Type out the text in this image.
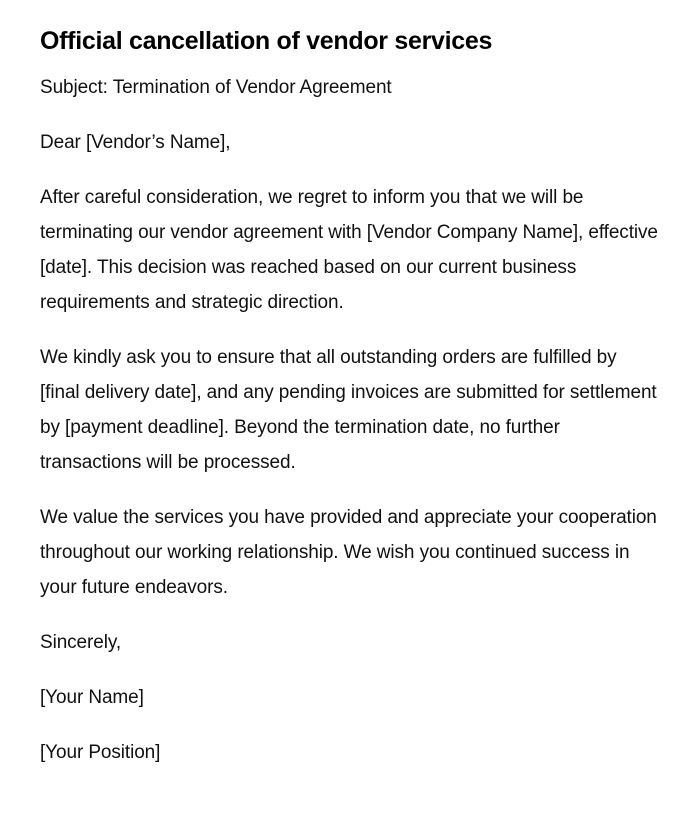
Official cancellation of vendor services

Subject: Termination of Vendor Agreement

Dear [Vendor’s Name],

After careful consideration, we regret to inform you that we will be terminating our vendor agreement with [Vendor Company Name], effective [date]. This decision was reached based on our current business requirements and strategic direction.

We kindly ask you to ensure that all outstanding orders are fulfilled by [final delivery date], and any pending invoices are submitted for settlement by [payment deadline]. Beyond the termination date, no further transactions will be processed.

We value the services you have provided and appreciate your cooperation throughout our working relationship. We wish you continued success in your future endeavors.

Sincerely,

[Your Name]

[Your Position]
